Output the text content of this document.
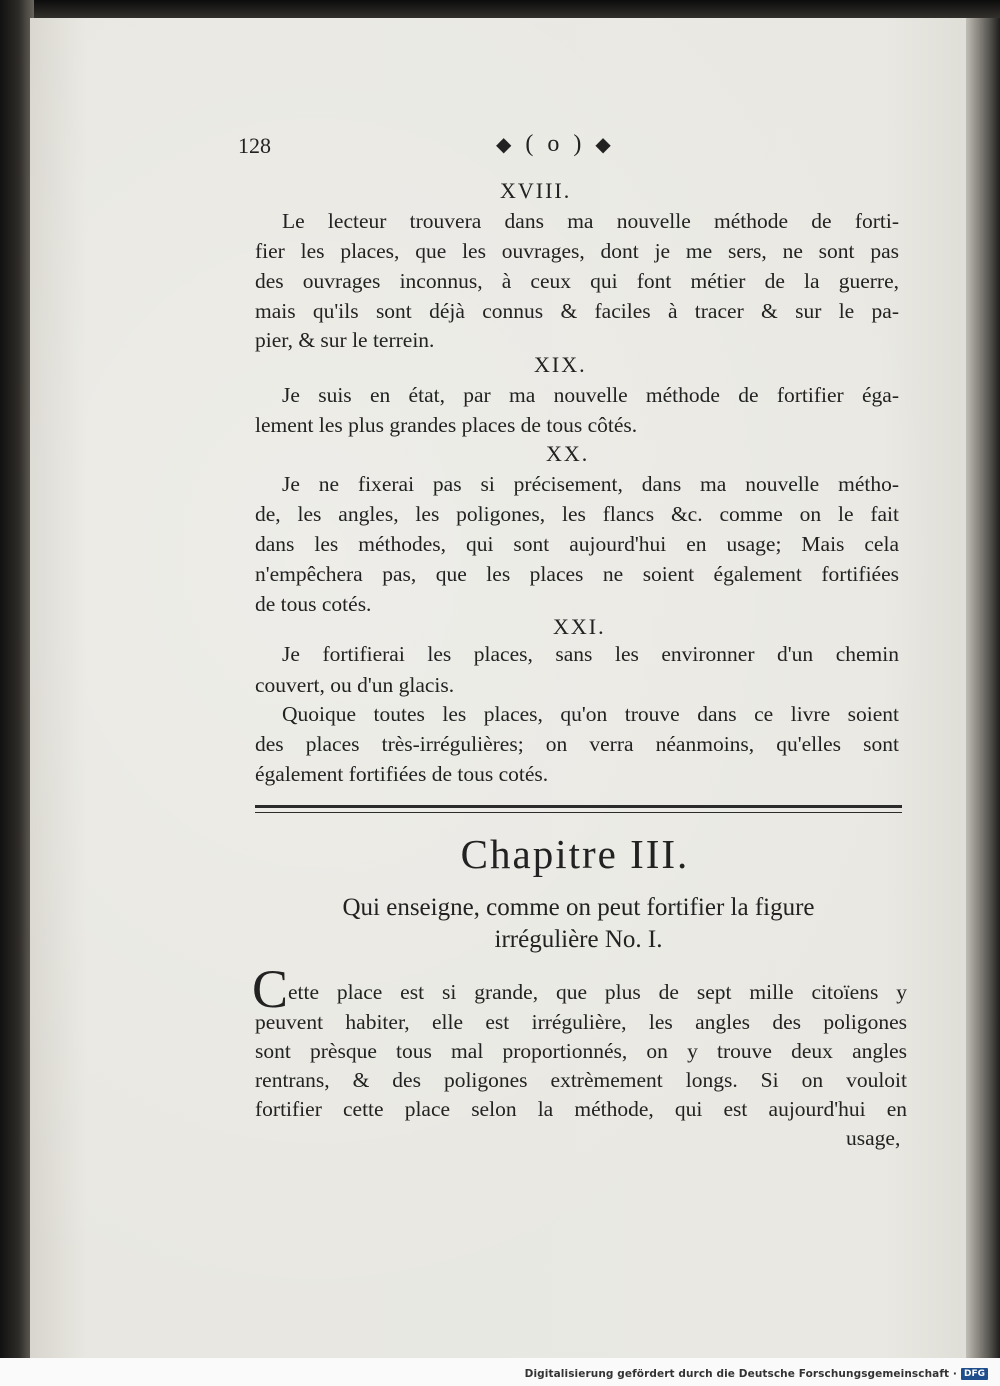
128	◆ ( o ) ◆
XVIII.
Le lecteur trouvera dans ma nouvelle méthode de forti-
fier les places, que les ouvrages, dont je me sers, ne sont pas
des ouvrages inconnus, à ceux qui font métier de la guerre,
mais qu'ils sont déjà connus & faciles à tracer & sur le pa-
pier, & sur le terrein.
XIX.
Je suis en état, par ma nouvelle méthode de fortifier éga-
lement les plus grandes places de tous côtés.
XX.
Je ne fixerai pas si précisement, dans ma nouvelle métho-
de, les angles, les poligones, les flancs &c. comme on le fait
dans les méthodes, qui sont aujourd'hui en usage; Mais cela
n'empêchera pas, que les places ne soient également fortifiées
de tous cotés.
XXI.
Je fortifierai les places, sans les environner d'un chemin
couvert, ou d'un glacis.
Quoique toutes les places, qu'on trouve dans ce livre soient
des places très-irrégulières; on verra néanmoins, qu'elles sont
également fortifiées de tous cotés.
Chapitre III.
Qui enseigne, comme on peut fortifier la figure
irrégulière No. I.
C ette place est si grande, que plus de sept mille citoïens y
peuvent habiter, elle est irrégulière, les angles des poligones
sont prèsque tous mal proportionnés, on y trouve deux angles
rentrans, & des poligones extrèmement longs. Si on vouloit
fortifier cette place selon la méthode, qui est aujourd'hui en
usage,
Digitalisierung gefördert durch die Deutsche Forschungsgemeinschaft · DFG
